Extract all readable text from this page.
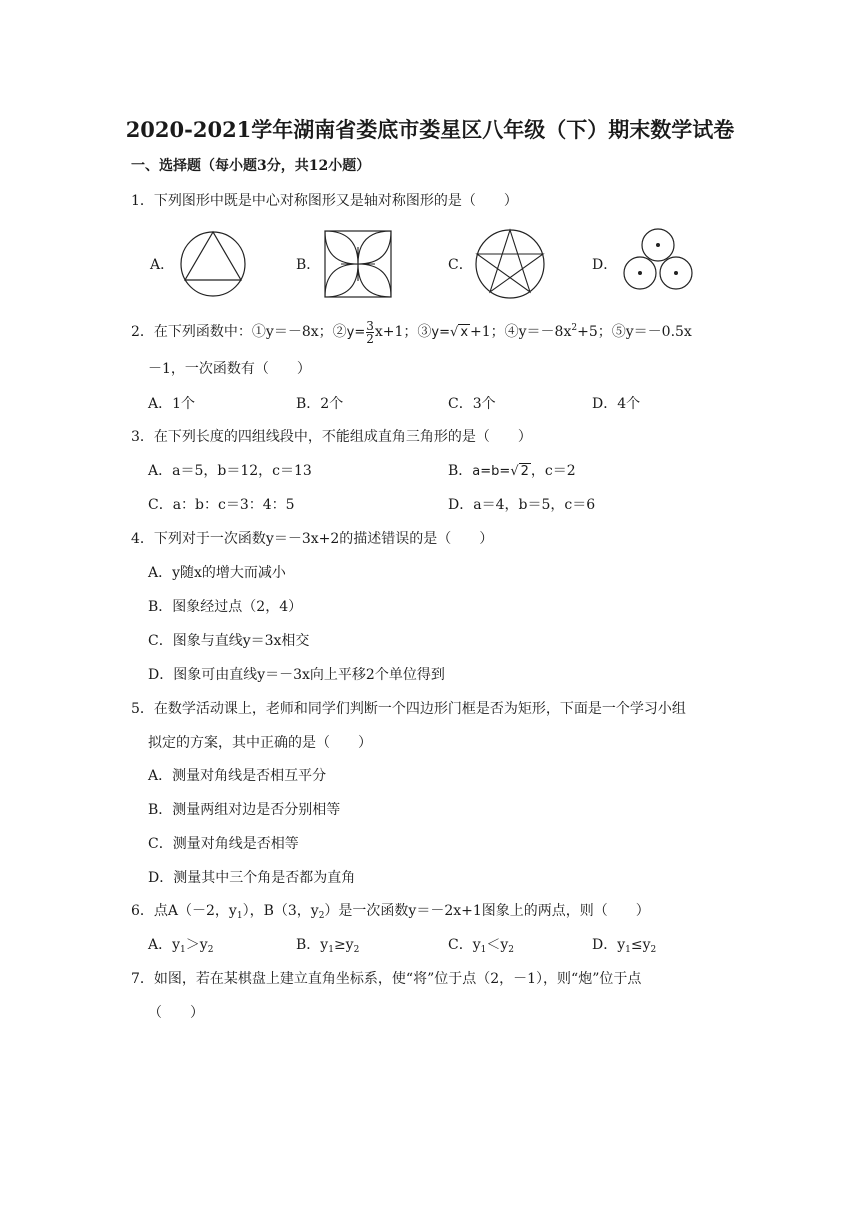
2020-2021学年湖南省娄底市娄星区八年级（下）期末数学试卷
一、选择题（每小题3分，共12小题）
1．下列图形中既是中心对称图形又是轴对称图形的是（　　）
A．	B．	C．	D．
2．在下列函数中：①y＝－8x；$②y=\frac{3}{2} x+1$；③y=√ x +1；$④y=-8x^2+5$；⑤y＝－0.5x
－1，一次函数有（　　）
A．1个	B．2个	C．3个	D．4个
3．在下列长度的四组线段中，不能组成直角三角形的是（　　）
A．a＝5，b＝12，c＝13	B．a=b=√ 2 ，c＝2
C．a：b：c＝3：4：5	D．a＝4，b＝5，c＝6
4．下列对于一次函数y＝－3x+2的描述错误的是（　　）
A．y随x的增大而减小
B．图象经过点（2，4）
C．图象与直线y＝3x相交
D．图象可由直线y＝－3x向上平移2个单位得到
5．在数学活动课上，老师和同学们判断一个四边形门框是否为矩形，下面是一个学习小组
拟定的方案，其中正确的是（　　）
A．测量对角线是否相互平分
B．测量两组对边是否分别相等
C．测量对角线是否相等
D．测量其中三个角是否都为直角
6．点A（－2，$y_1$），B（3，$y_2$）是一次函数y＝－2x+1图象上的两点，则（　　）
A．$y_1>y_2$	B．$y_1\ge y_2$	C．$y_1<y_2$	D．$y_1\le y_2$
7．如图，若在某棋盘上建立直角坐标系，使“将”位于点（2，－1），则“炮”位于点
（　　）
